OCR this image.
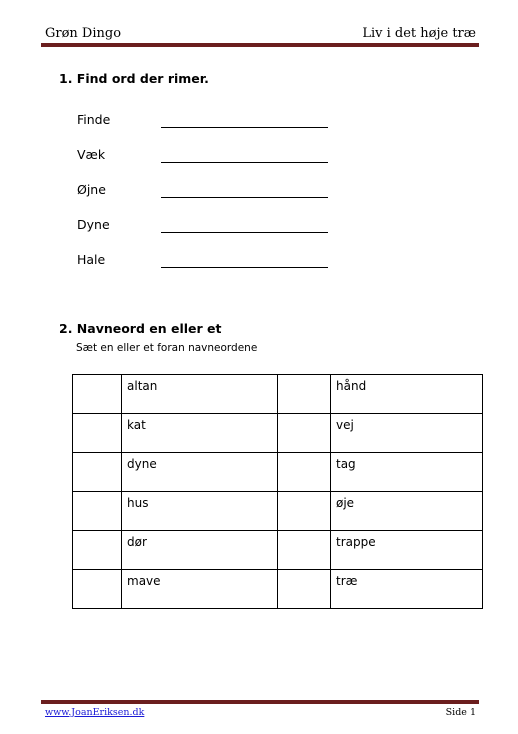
Grøn Dingo	Liv i det høje træ
1. Find ord der rimer.
Finde
Væk
Øjne
Dyne
Hale
2. Navneord en eller et
Sæt en eller et foran navneordene
	altan		hånd
	kat		vej
	dyne		tag
	hus		øje
	dør		trappe
	mave		træ
www.JoanEriksen.dk	Side 1
